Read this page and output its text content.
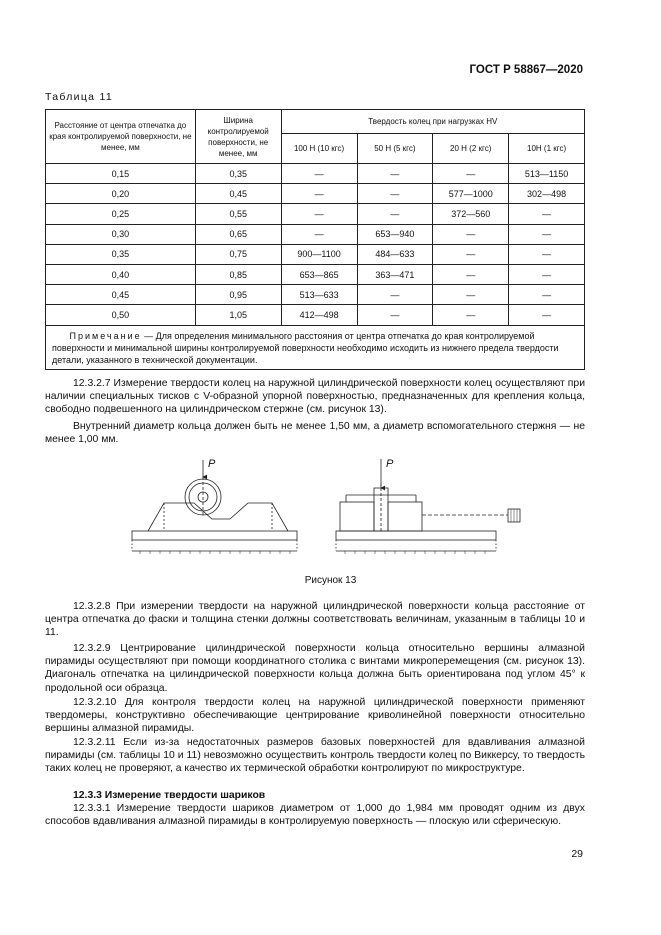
ГОСТ Р 58867—2020
Таблица 11
Расстояние от центра отпечатка до края контролируемой поверхности, не менее, мм	Ширина контролируемой поверхности, не менее, мм	Твердость колец при нагрузках HV			
		100 Н (10 кгс)	50 Н (5 кгс)	20 Н (2 кгс)	10Н (1 кгс)
0,15	0,35	—	—	—	513—1150
0,20	0,45	—	—	577—1000	302—498
0,25	0,55	—	—	372—560	—
0,30	0,65	—	653—940	—	—
0,35	0,75	900—1100	484—633	—	—
0,40	0,85	653—865	363—471	—	—
0,45	0,95	513—633	—	—	—
0,50	1,05	412—498	—	—	—
Примечание — Для определения минимального расстояния от центра отпечатка до края контролируемой поверхности и минимальной ширины контролируемой поверхности необходимо исходить из нижнего предела твердости детали, указанного в технической документации.					

12.3.2.7 Измерение твердости колец на наружной цилиндрической поверхности колец осуществляют при наличии специальных тисков с V-образной упорной поверхностью, предназначенных для крепления кольца, свободно подвешенного на цилиндрическом стержне (см. рисунок 13).

Внутренний диаметр кольца должен быть не менее 1,50 мм, а диаметр вспомогательного стержня — не менее 1,00 мм.

P	P
Рисунок 13

12.3.2.8 При измерении твердости на наружной цилиндрической поверхности кольца расстояние от центра отпечатка до фаски и толщина стенки должны соответствовать величинам, указанным в таблицы 10 и 11.

12.3.2.9 Центрирование цилиндрической поверхности кольца относительно вершины алмазной пирамиды осуществляют при помощи координатного столика с винтами микроперемещения (см. рисунок 13). Диагональ отпечатка на цилиндрической поверхности кольца должна быть ориентирована под углом 45° к продольной оси образца.

12.3.2.10 Для контроля твердости колец на наружной цилиндрической поверхности применяют твердомеры, конструктивно обеспечивающие центрирование криволинейной поверхности относительно вершины алмазной пирамиды.

12.3.2.11 Если из-за недостаточных размеров базовых поверхностей для вдавливания алмазной пирамиды (см. таблицы 10 и 11) невозможно осуществить контроль твердости колец по Виккерсу, то твердость таких колец не проверяют, а качество их термической обработки контролируют по микроструктуре.

12.3.3 Измерение твердости шариков

12.3.3.1 Измерение твердости шариков диаметром от 1,000 до 1,984 мм проводят одним из двух способов вдавливания алмазной пирамиды в контролируемую поверхность — плоскую или сферическую.

29
